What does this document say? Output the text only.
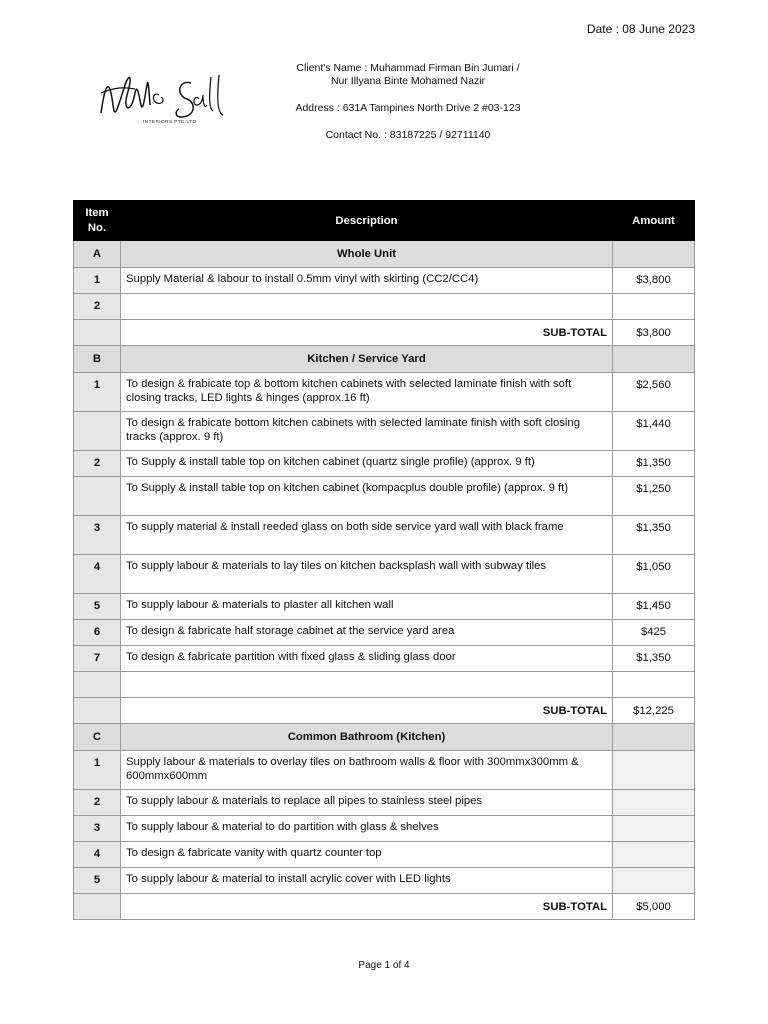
Date : 08 June 2023
INTERIORS PTE LTD

Client's Name : Muhammad Firman Bin Jumari /
Nur Illyana Binte Mohamed Nazir

Address : 631A Tampines North Drive 2 #03-123

Contact No. : 83187225 / 92711140

Item
No.	Description	Amount
A	Whole Unit	
1	Supply Material & labour to install 0.5mm vinyl with skirting (CC2/CC4)	$3,800
2		
	SUB-TOTAL	$3,800
B	Kitchen / Service Yard	
1	To design & frabicate top & bottom kitchen cabinets with selected laminate finish with soft closing tracks, LED lights & hinges (approx.16 ft)	$2,560
	To design & frabicate bottom kitchen cabinets with selected laminate finish with soft closing tracks (approx. 9 ft)	$1,440
2	To Supply & install table top on kitchen cabinet (quartz single profile) (approx. 9 ft)	$1,350
	To Supply & install table top on kitchen cabinet (kompacplus double profile) (approx. 9 ft)	$1,250
3	To supply material & install reeded glass on both side service yard wall with black frame	$1,350
4	To supply labour & materials to lay tiles on kitchen backsplash wall with subway tiles	$1,050
5	To supply labour & materials to plaster all kitchen wall	$1,450
6	To design & fabricate half storage cabinet at the service yard area	$425
7	To design & fabricate partition with fixed glass & sliding glass door	$1,350

	SUB-TOTAL	$12,225
C	Common Bathroom (Kitchen)	
1	Supply labour & materials to overlay tiles on bathroom walls & floor with 300mmx300mm & 600mmx600mm	
2	To supply labour & materials to replace all pipes to stainless steel pipes	
3	To supply labour & material to do partition with glass & shelves	
4	To design & fabricate vanity with quartz counter top	
5	To supply labour & material to install acrylic cover with LED lights	
	SUB-TOTAL	$5,000
Page 1 of 4
